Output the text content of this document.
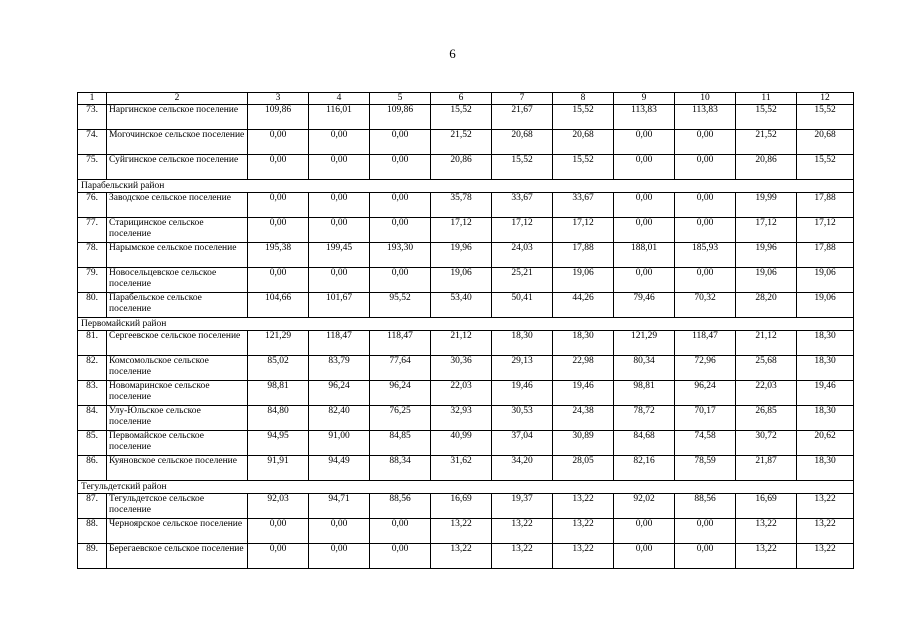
6
1	2	3	4	5	6	7	8	9	10	11	12
73.	Наргинское сельское поселение	109,86	116,01	109,86	15,52	21,67	15,52	113,83	113,83	15,52	15,52
74.	Могочинское сельское поселение	0,00	0,00	0,00	21,52	20,68	20,68	0,00	0,00	21,52	20,68
75.	Суйгинское сельское поселение	0,00	0,00	0,00	20,86	15,52	15,52	0,00	0,00	20,86	15,52
Парабельский район											
76.	Заводское сельское поселение	0,00	0,00	0,00	35,78	33,67	33,67	0,00	0,00	19,99	17,88
77.	Старицинское сельское поселение	0,00	0,00	0,00	17,12	17,12	17,12	0,00	0,00	17,12	17,12
78.	Нарымское сельское поселение	195,38	199,45	193,30	19,96	24,03	17,88	188,01	185,93	19,96	17,88
79.	Новосельцевское сельское поселение	0,00	0,00	0,00	19,06	25,21	19,06	0,00	0,00	19,06	19,06
80.	Парабельское сельское поселение	104,66	101,67	95,52	53,40	50,41	44,26	79,46	70,32	28,20	19,06
Первомайский район											
81.	Сергеевское сельское поселение	121,29	118,47	118,47	21,12	18,30	18,30	121,29	118,47	21,12	18,30
82.	Комсомольское сельское поселение	85,02	83,79	77,64	30,36	29,13	22,98	80,34	72,96	25,68	18,30
83.	Новомаринское сельское поселение	98,81	96,24	96,24	22,03	19,46	19,46	98,81	96,24	22,03	19,46
84.	Улу-Юльское сельское поселение	84,80	82,40	76,25	32,93	30,53	24,38	78,72	70,17	26,85	18,30
85.	Первомайское сельское поселение	94,95	91,00	84,85	40,99	37,04	30,89	84,68	74,58	30,72	20,62
86.	Куяновское сельское поселение	91,91	94,49	88,34	31,62	34,20	28,05	82,16	78,59	21,87	18,30
Тегульдетский район											
87.	Тегульдетское сельское поселение	92,03	94,71	88,56	16,69	19,37	13,22	92,02	88,56	16,69	13,22
88.	Черноярское сельское поселение	0,00	0,00	0,00	13,22	13,22	13,22	0,00	0,00	13,22	13,22
89.	Берегаевское сельское поселение	0,00	0,00	0,00	13,22	13,22	13,22	0,00	0,00	13,22	13,22
